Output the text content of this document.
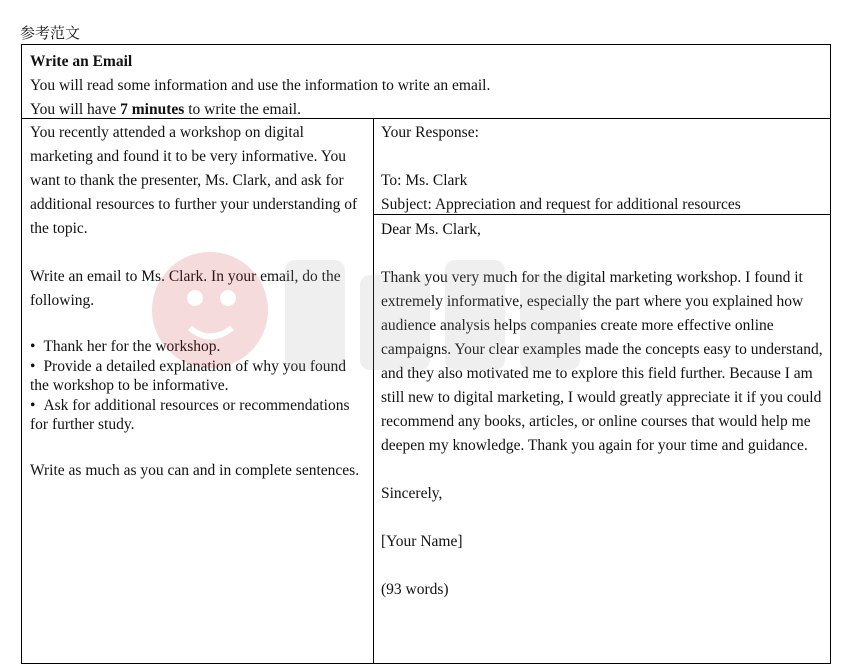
参考范文

Write an Email

You will read some information and use the information to write an email.

You will have 7 minutes to write the email.

You recently attended a workshop on digital marketing and found it to be very informative. You want to thank the presenter, Ms. Clark, and ask for additional resources to further your understanding of the topic.

Write an email to Ms. Clark. In your email, do the following.

• Thank her for the workshop.
• Provide a detailed explanation of why you found the workshop to be informative.
• Ask for additional resources or recommendations for further study.

Write as much as you can and in complete sentences.

Your Response:

To: Ms. Clark

Subject: Appreciation and request for additional resources

Dear Ms. Clark,

Thank you very much for the digital marketing workshop. I found it extremely informative, especially the part where you explained how audience analysis helps companies create more effective online campaigns. Your clear examples made the concepts easy to understand, and they also motivated me to explore this field further. Because I am still new to digital marketing, I would greatly appreciate it if you could recommend any books, articles, or online courses that would help me deepen my knowledge. Thank you again for your time and guidance.

Sincerely,

[Your Name]

(93 words)
